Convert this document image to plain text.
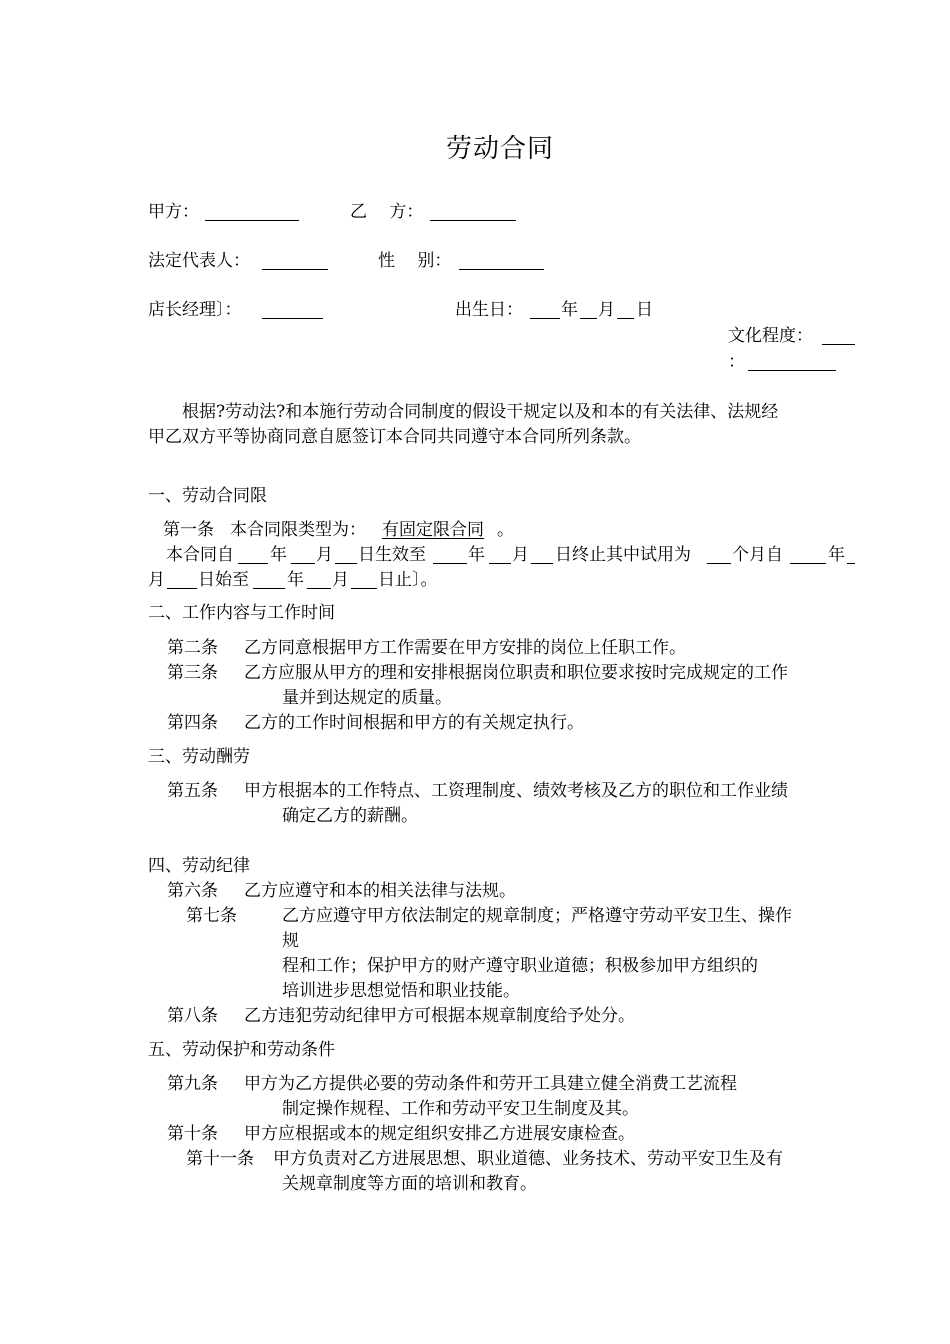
劳动合同
甲方：	乙　 方：
法定代表人：	性　 别：
店长经理〕：	出生日： 年 月 日
文化程度：
：
根据?劳动法?和本施行劳动合同制度的假设干规定以及和本的有关法律、法规经
甲乙双方平等协商同意自愿签订本合同共同遵守本合同所列条款。
一、劳动合同限
第一条 本合同限类型为： 有固定限合同 。
本合同自 年 月 日生效至 年 月 日终止其中试用为 个月自	年
月 日始至 年 月 日止〕。
二、工作内容与工作时间
第二条 乙方同意根据甲方工作需要在甲方安排的岗位上任职工作。
第三条 乙方应服从甲方的理和安排根据岗位职责和职位要求按时完成规定的工作
量并到达规定的质量。
第四条 乙方的工作时间根据和甲方的有关规定执行。
三、劳动酬劳
第五条 甲方根据本的工作特点、工资理制度、绩效考核及乙方的职位和工作业绩
确定乙方的薪酬。
四、劳动纪律
第六条 乙方应遵守和本的相关法律与法规。
第七条	乙方应遵守甲方依法制定的规章制度；严格遵守劳动平安卫生、操作
规
程和工作；保护甲方的财产遵守职业道德；积极参加甲方组织的
培训进步思想觉悟和职业技能。
第八条 乙方违犯劳动纪律甲方可根据本规章制度给予处分。
五、劳动保护和劳动条件
第九条 甲方为乙方提供必要的劳动条件和劳开工具建立健全消费工艺流程
制定操作规程、工作和劳动平安卫生制度及其。
第十条 甲方应根据或本的规定组织安排乙方进展安康检查。
第十一条 甲方负责对乙方进展思想、职业道德、业务技术、劳动平安卫生及有
关规章制度等方面的培训和教育。
